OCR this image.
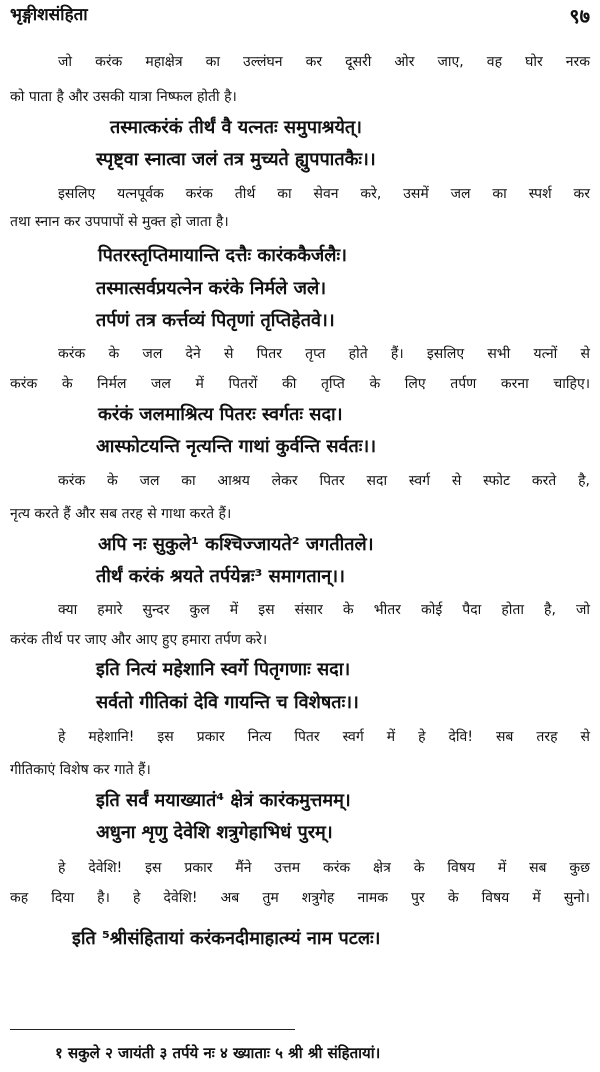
भृङ्गीशसंहिता	९७
जो करंक महाक्षेत्र का उल्लंघन कर दूसरी ओर जाए, वह घोर नरक
को पाता है और उसकी यात्रा निष्फल होती है।
तस्मात्करंकं तीर्थं वै यत्नतः समुपाश्रयेत्।
स्पृष्ट्वा स्नात्वा जलं तत्र मुच्यते ह्युपपातकैः।।
इसलिए यत्नपूर्वक करंक तीर्थ का सेवन करे, उसमें जल का स्पर्श कर
तथा स्नान कर उपपापों से मुक्त हो जाता है।
पितरस्तृप्तिमायान्ति दत्तैः कारंककैर्जलैः।
तस्मात्सर्वप्रयत्नेन करंके निर्मले जले।
तर्पणं तत्र कर्त्तव्यं पितृणां तृप्तिहेतवे।।
करंक के जल देने से पितर तृप्त होते हैं। इसलिए सभी यत्नों से
करंक के निर्मल जल में पितरों की तृप्ति के लिए तर्पण करना चाहिए।
करंकं जलमाश्रित्य पितरः स्वर्गतः सदा।
आस्फोटयन्ति नृत्यन्ति गाथां कुर्वन्ति सर्वतः।।
करंक के जल का आश्रय लेकर पितर सदा स्वर्ग से स्फोट करते है,
नृत्य करते हैं और सब तरह से गाथा करते हैं।
अपि नः सुकुले¹ कश्चिज्जायते² जगतीतले।
तीर्थं करंकं श्रयते तर्पयेन्नः³ समागतान्।।
क्या हमारे सुन्दर कुल में इस संसार के भीतर कोई पैदा होता है, जो
करंक तीर्थ पर जाए और आए हुए हमारा तर्पण करे।
इति नित्यं महेशानि स्वर्गे पितृगणाः सदा।
सर्वतो गीतिकां देवि गायन्ति च विशेषतः।।
हे महेशानि! इस प्रकार नित्य पितर स्वर्ग में हे देवि! सब तरह से
गीतिकाएं विशेष कर गाते हैं।
इति सर्वं मयाख्यातं⁴ क्षेत्रं कारंकमुत्तमम्।
अधुना शृणु देवेशि शत्रुगेहाभिधं पुरम्।
हे देवेशि! इस प्रकार मैंने उत्तम करंक क्षेत्र के विषय में सब कुछ
कह दिया है। हे देवेशि! अब तुम शत्रुगेह नामक पुर के विषय में सुनो।
इति ⁵श्रीसंहितायां करंकनदीमाहात्म्यं नाम पटलः।
१ सकुले २ जायंती ३ तर्पये नः ४ ख्याताः ५ श्री श्री संहितायां।
